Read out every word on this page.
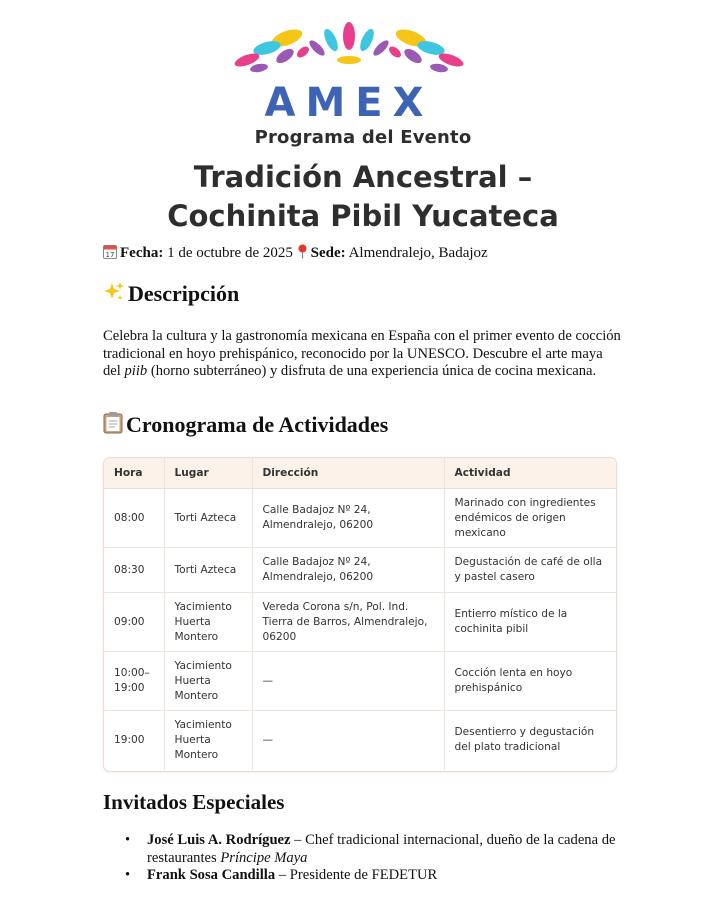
AMEX
Programa del Evento
Tradición Ancestral –
Cochinita Pibil Yucateca
17 Fecha: 1 de octubre de 2025 Sede: Almendralejo, Badajoz
Descripción
Celebra la cultura y la gastronomía mexicana en España con el primer evento de cocción tradicional en hoyo prehispánico, reconocido por la UNESCO. Descubre el arte maya del piib (horno subterráneo) y disfruta de una experiencia única de cocina mexicana.
Cronograma de Actividades
Hora	Lugar	Dirección	Actividad
08:00	Torti Azteca	Calle Badajoz Nº 24, Almendralejo, 06200	Marinado con ingredientes endémicos de origen mexicano
08:30	Torti Azteca	Calle Badajoz Nº 24, Almendralejo, 06200	Degustación de café de olla y pastel casero
09:00	Yacimiento Huerta Montero	Vereda Corona s/n, Pol. Ind. Tierra de Barros, Almendralejo, 06200	Entierro místico de la cochinita pibil
10:00–19:00	Yacimiento Huerta Montero	—	Cocción lenta en hoyo prehispánico
19:00	Yacimiento Huerta Montero	—	Desentierro y degustación del plato tradicional
Invitados Especiales
• José Luis A. Rodríguez – Chef tradicional internacional, dueño de la cadena de restaurantes Príncipe Maya
• Frank Sosa Candilla – Presidente de FEDETUR
